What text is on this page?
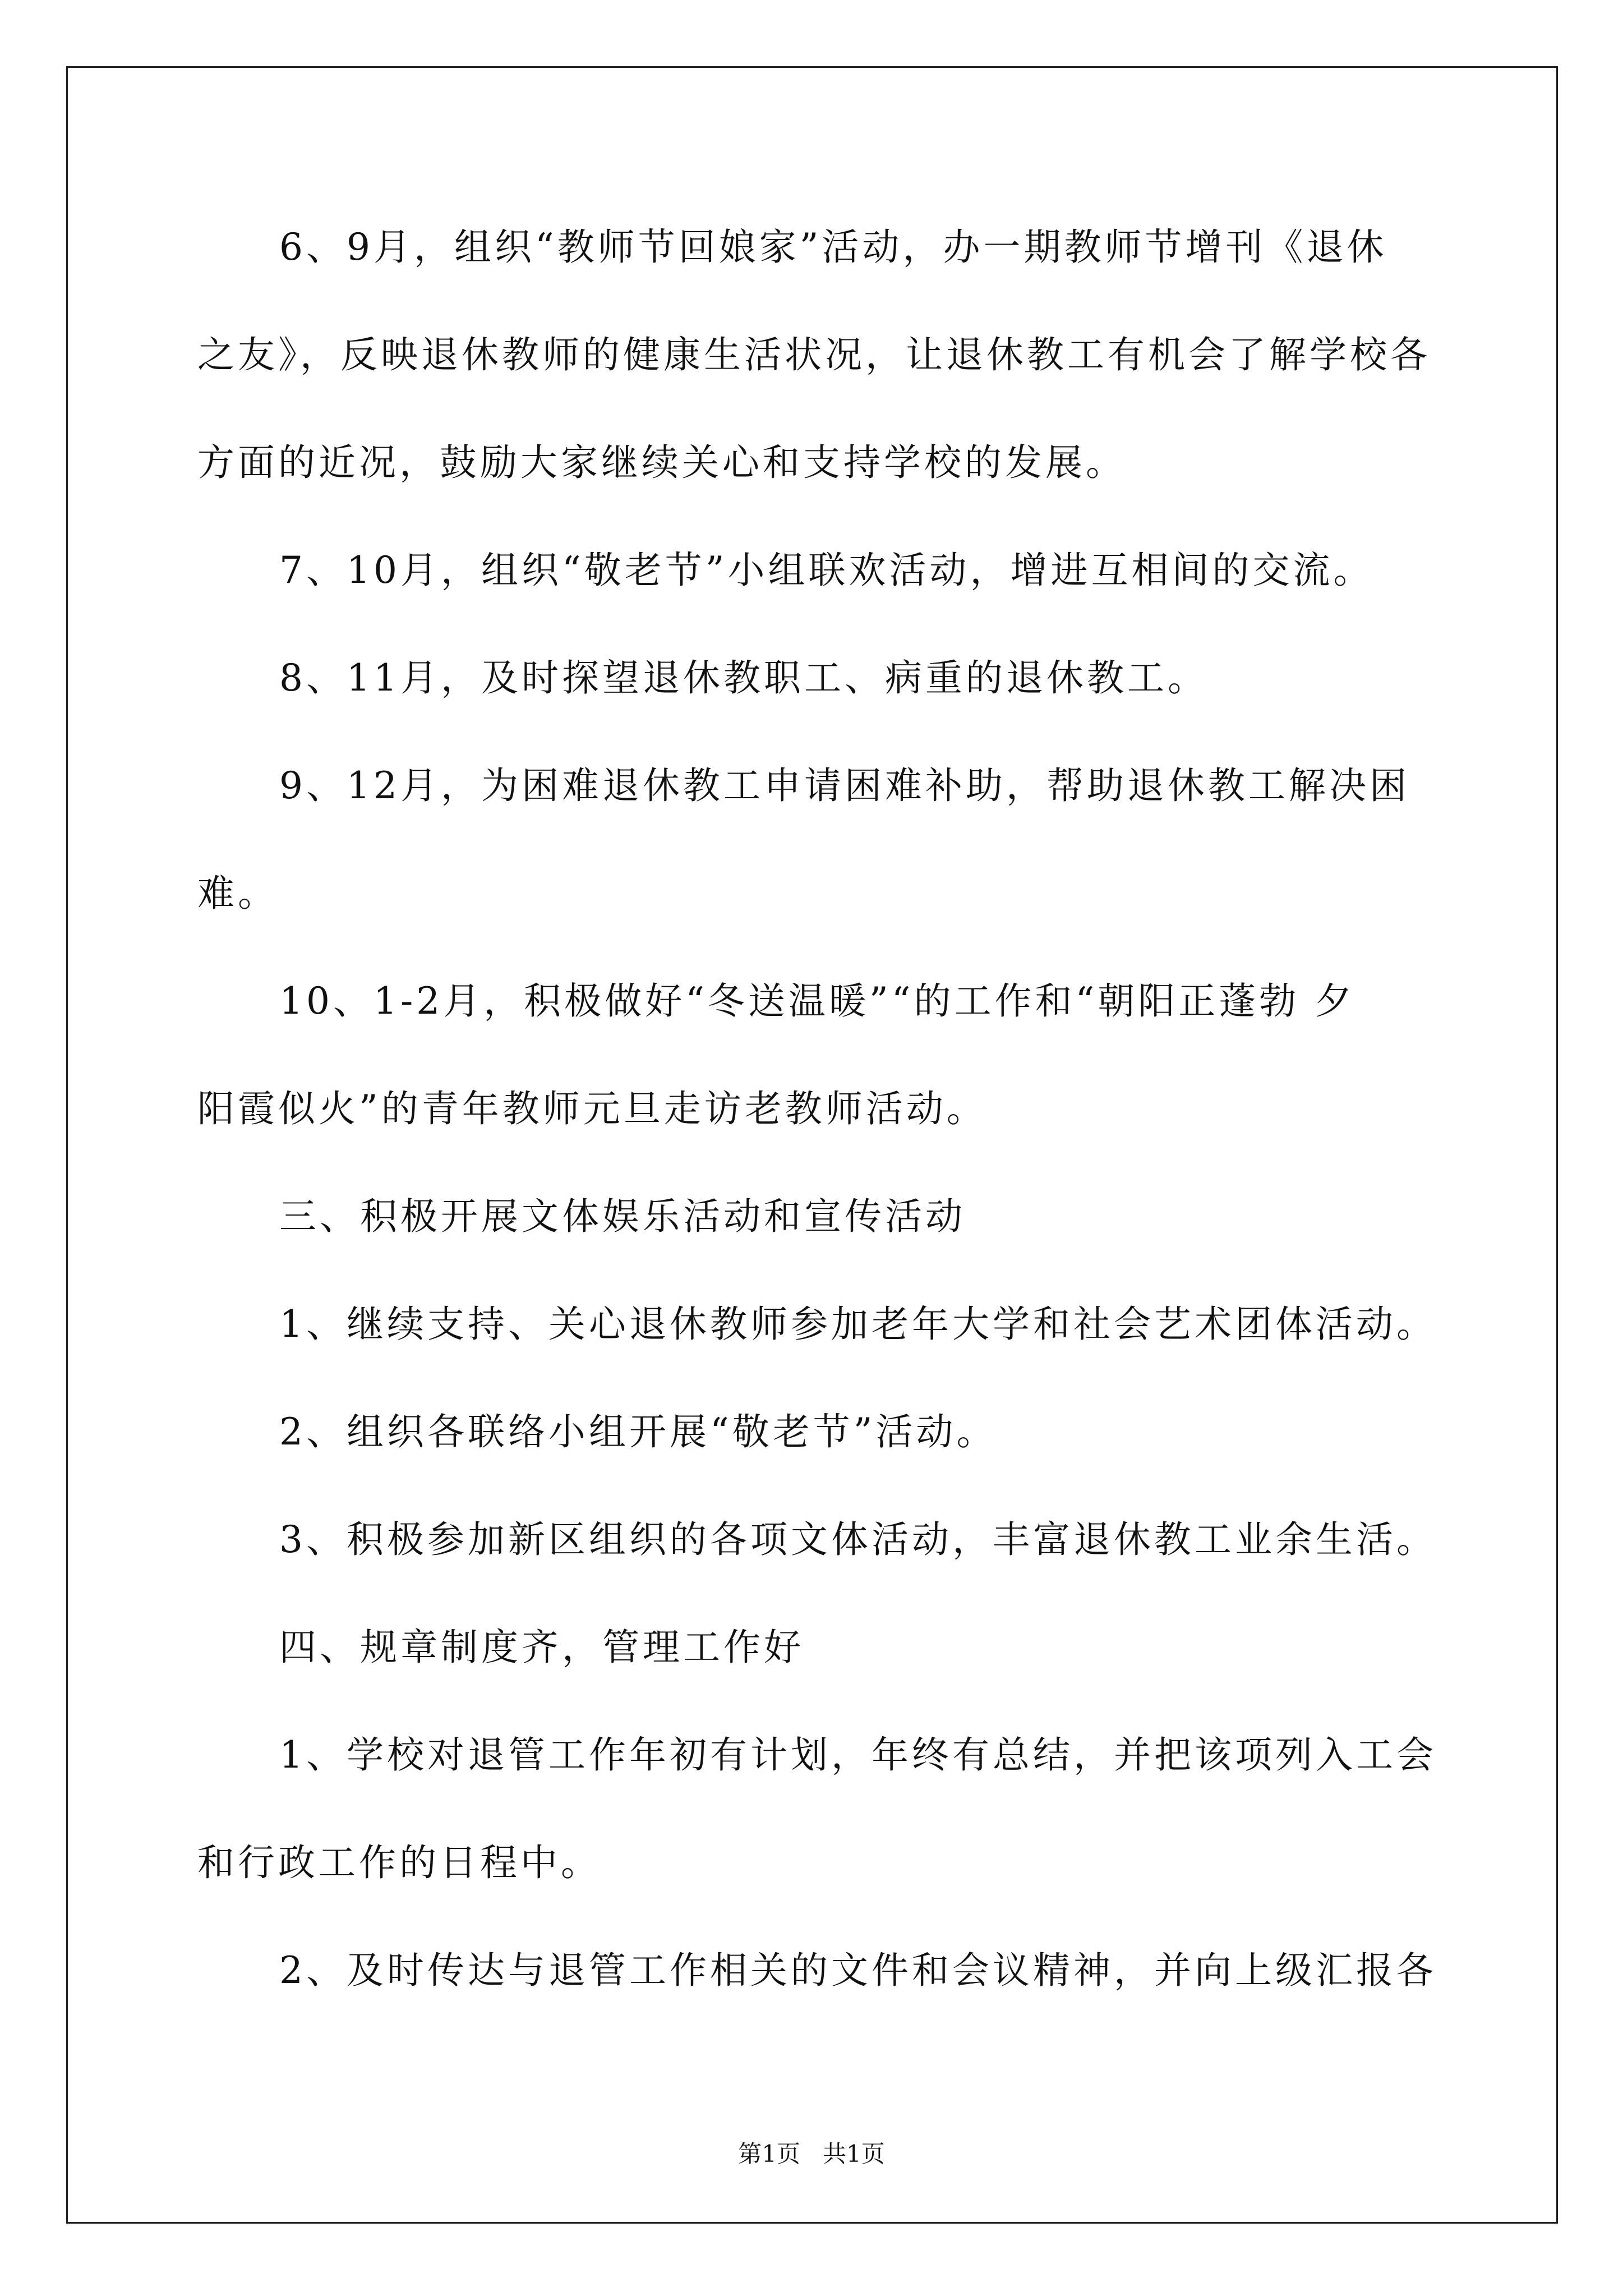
6、9月，组织“教师节回娘家”活动，办一期教师节增刊《退休
之友》，反映退休教师的健康生活状况，让退休教工有机会了解学校各
方面的近况，鼓励大家继续关心和支持学校的发展。
7、10月，组织“敬老节”小组联欢活动，增进互相间的交流。
8、11月，及时探望退休教职工、病重的退休教工。
9、12月，为困难退休教工申请困难补助，帮助退休教工解决困
难。
10、1-2月，积极做好“冬送温暖”“的工作和“朝阳正蓬勃 夕
阳霞似火”的青年教师元旦走访老教师活动。
三、积极开展文体娱乐活动和宣传活动
1、继续支持、关心退休教师参加老年大学和社会艺术团体活动。
2、组织各联络小组开展“敬老节”活动。
3、积极参加新区组织的各项文体活动，丰富退休教工业余生活。
四、规章制度齐，管理工作好
1、学校对退管工作年初有计划，年终有总结，并把该项列入工会
和行政工作的日程中。
2、及时传达与退管工作相关的文件和会议精神，并向上级汇报各
第1页   共1页
